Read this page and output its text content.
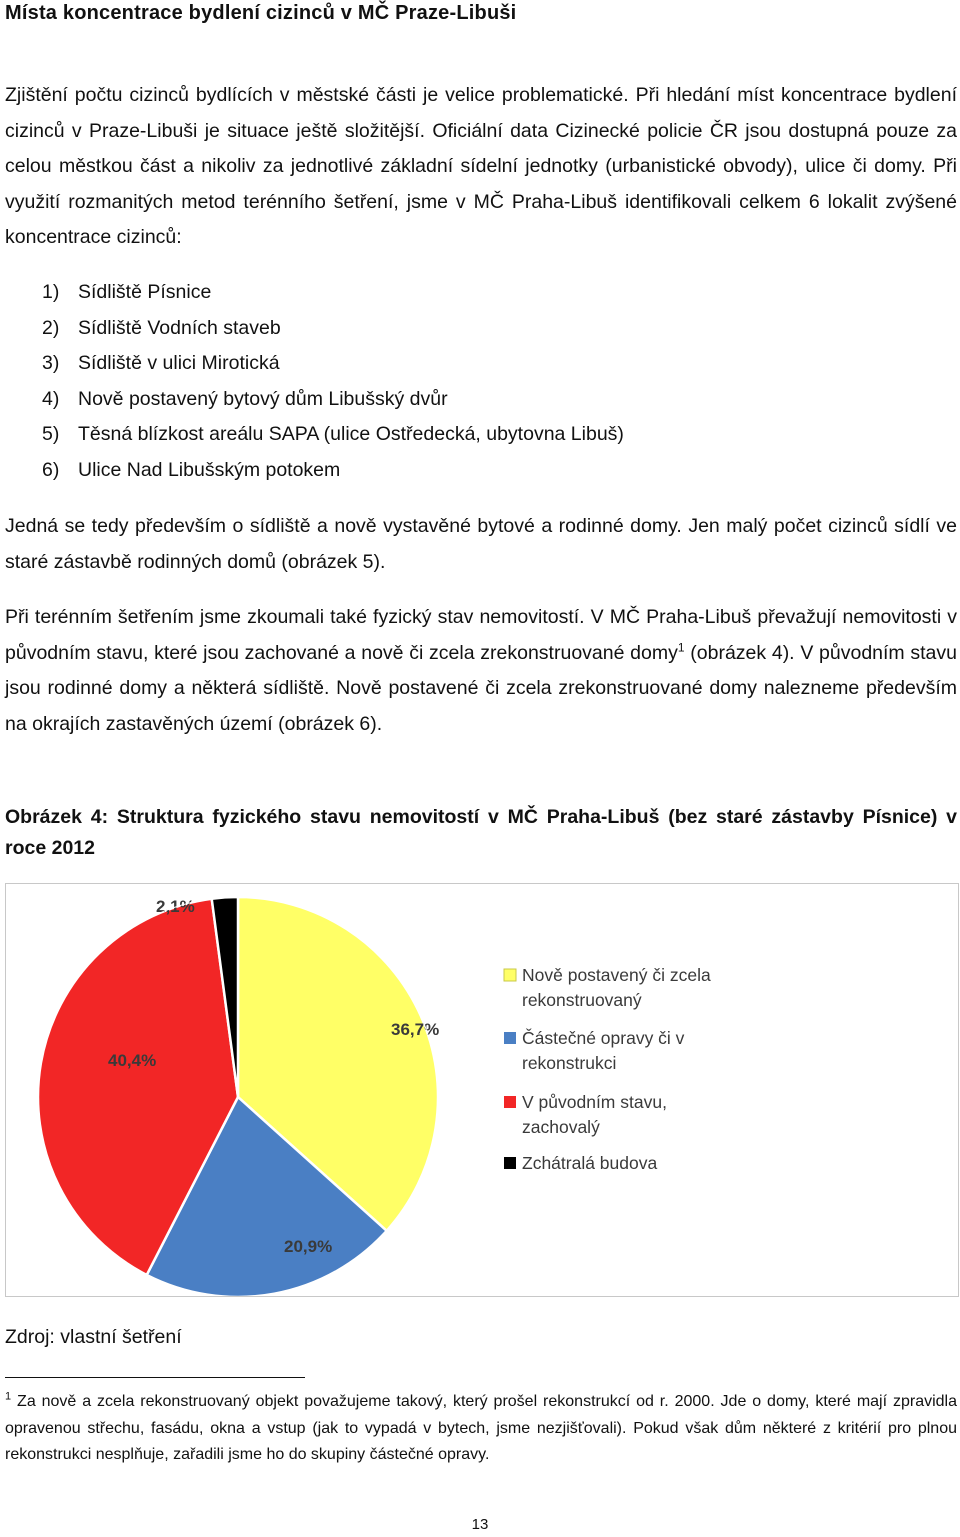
Místa koncentrace bydlení cizinců v MČ Praze-Libuši

Zjištění počtu cizinců bydlících v městské části je velice problematické. Při hledání míst koncentrace bydlení cizinců v Praze-Libuši je situace ještě složitější. Oficiální data Cizinecké policie ČR jsou dostupná pouze za celou městkou část a nikoliv za jednotlivé základní sídelní jednotky (urbanistické obvody), ulice či domy. Při využití rozmanitých metod terénního šetření, jsme v MČ Praha-Libuš identifikovali celkem 6 lokalit zvýšené koncentrace cizinců:

1) Sídliště Písnice
2) Sídliště Vodních staveb
3) Sídliště v ulici Mirotická
4) Nově postavený bytový dům Libušský dvůr
5) Těsná blízkost areálu SAPA (ulice Ostředecká, ubytovna Libuš)
6) Ulice Nad Libušským potokem

Jedná se tedy především o sídliště a nově vystavěné bytové a rodinné domy. Jen malý počet cizinců sídlí ve staré zástavbě rodinných domů (obrázek 5).

Při terénním šetřením jsme zkoumali také fyzický stav nemovitostí. V MČ Praha-Libuš převažují nemovitosti v původním stavu, které jsou zachované a nově či zcela zrekonstruované domy$^1$ (obrázek 4). V původním stavu jsou rodinné domy a některá sídliště. Nově postavené či zcela zrekonstruované domy nalezneme především na okrajích zastavěných území (obrázek 6).

Obrázek 4: Struktura fyzického stavu nemovitostí v MČ Praha-Libuš (bez staré zástavby Písnice) v roce 2012

36,7%
20,9%
40,4%
2,1%
Nově postavený či zcela
rekonstruovaný
Částečné opravy či v
rekonstrukci
V původním stavu,
zachovalý
Zchátralá budova

Zdroj: vlastní šetření

$^1$ Za nově a zcela rekonstruovaný objekt považujeme takový, který prošel rekonstrukcí od r. 2000. Jde o domy, které mají zpravidla opravenou střechu, fasádu, okna a vstup (jak to vypadá v bytech, jsme nezjišťovali). Pokud však dům některé z kritérií pro plnou rekonstrukci nesplňuje, zařadili jsme ho do skupiny částečné opravy.

13
